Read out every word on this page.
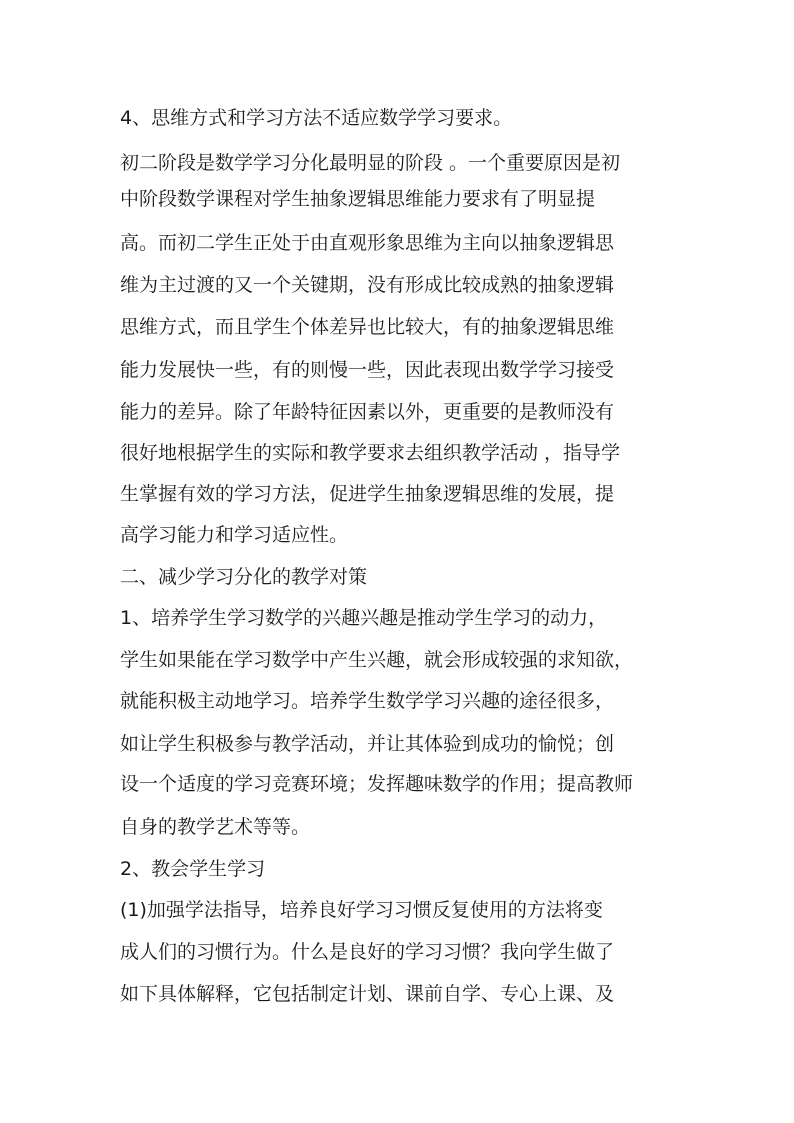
4、思维方式和学习方法不适应数学学习要求。
初二阶段是数学学习分化最明显的阶段 。一个重要原因是初
中阶段数学课程对学生抽象逻辑思维能力要求有了明显提
高。而初二学生正处于由直观形象思维为主向以抽象逻辑思
维为主过渡的又一个关键期，没有形成比较成熟的抽象逻辑
思维方式，而且学生个体差异也比较大，有的抽象逻辑思维
能力发展快一些，有的则慢一些，因此表现出数学学习接受
能力的差异。除了年龄特征因素以外，更重要的是教师没有
很好地根据学生的实际和教学要求去组织教学活动 ，指导学
生掌握有效的学习方法，促进学生抽象逻辑思维的发展，提
高学习能力和学习适应性。
二、减少学习分化的教学对策
1、培养学生学习数学的兴趣兴趣是推动学生学习的动力，
学生如果能在学习数学中产生兴趣，就会形成较强的求知欲，
就能积极主动地学习。培养学生数学学习兴趣的途径很多，
如让学生积极参与教学活动，并让其体验到成功的愉悦；创
设一个适度的学习竞赛环境；发挥趣味数学的作用；提高教师
自身的教学艺术等等。
2、教会学生学习
(1)加强学法指导，培养良好学习习惯反复使用的方法将变
成人们的习惯行为。什么是良好的学习习惯？我向学生做了
如下具体解释，它包括制定计划、课前自学、专心上课、及
